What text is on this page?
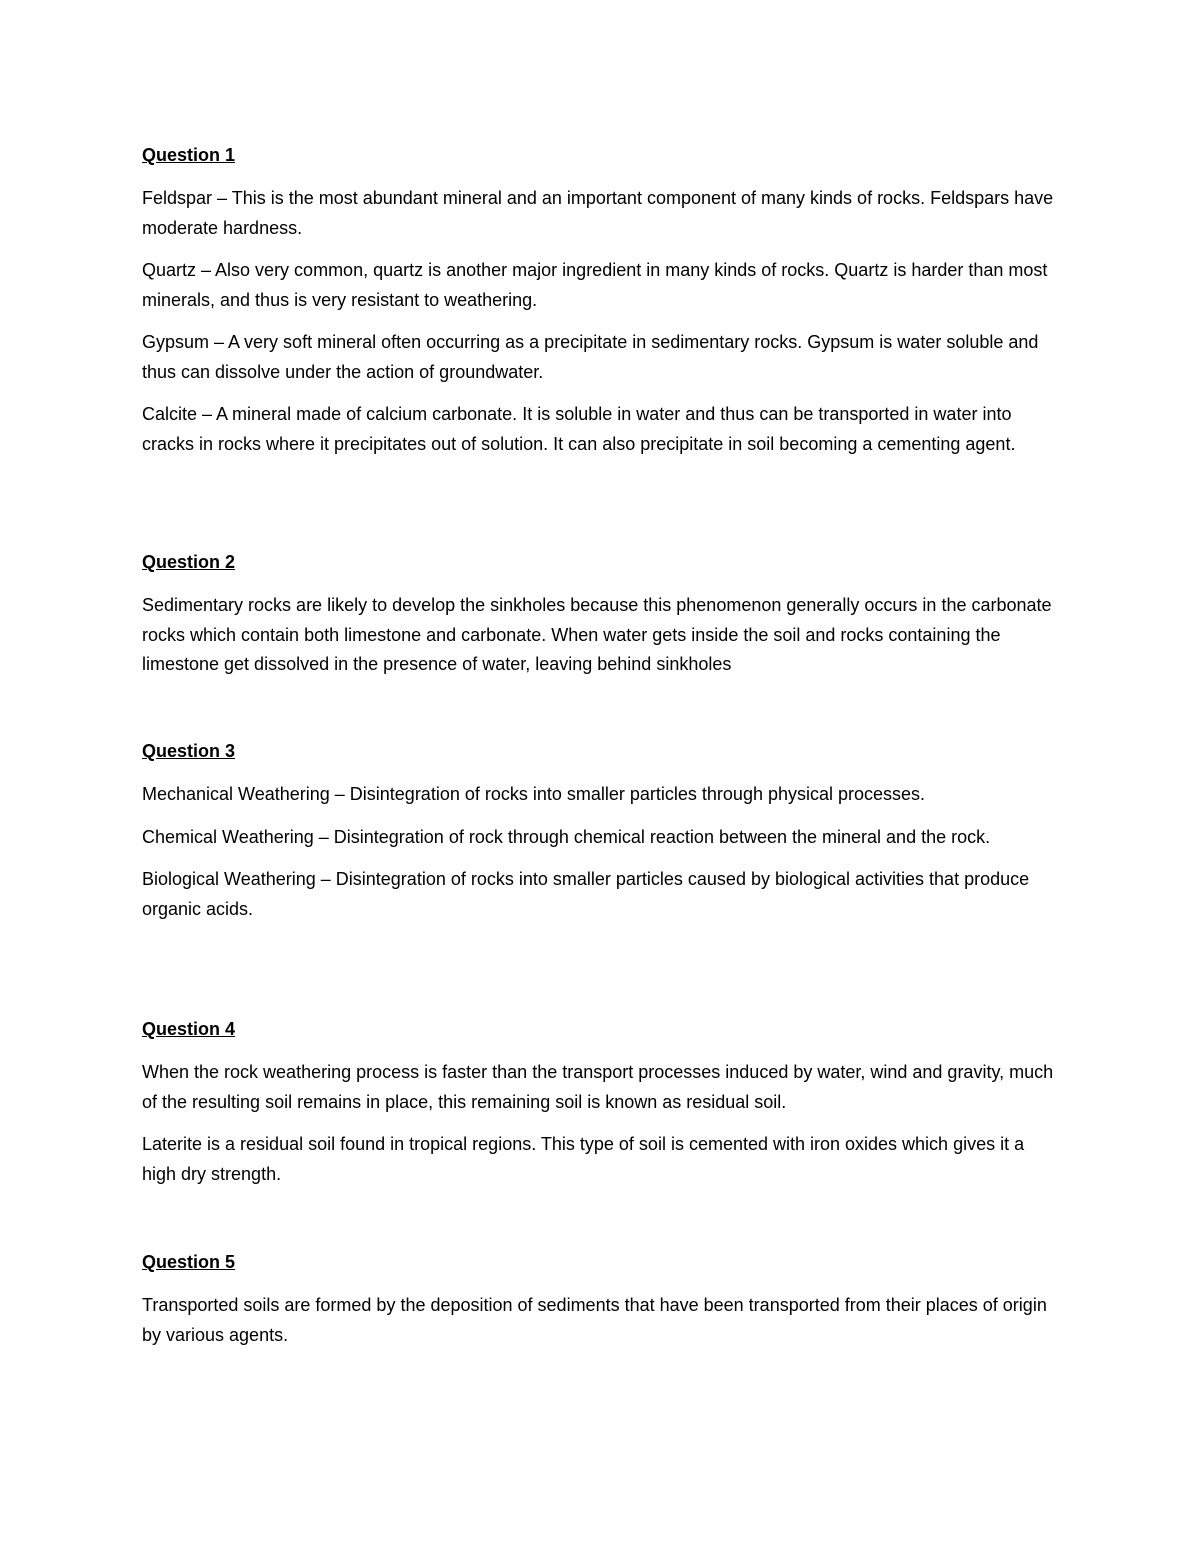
Question 1

Feldspar – This is the most abundant mineral and an important component of many kinds of rocks. Feldspars have moderate hardness.

Quartz – Also very common, quartz is another major ingredient in many kinds of rocks. Quartz is harder than most minerals, and thus is very resistant to weathering.

Gypsum – A very soft mineral often occurring as a precipitate in sedimentary rocks. Gypsum is water soluble and thus can dissolve under the action of groundwater.

Calcite – A mineral made of calcium carbonate. It is soluble in water and thus can be transported in water into cracks in rocks where it precipitates out of solution. It can also precipitate in soil becoming a cementing agent.

Question 2

Sedimentary rocks are likely to develop the sinkholes because this phenomenon generally occurs in the carbonate rocks which contain both limestone and carbonate. When water gets inside the soil and rocks containing the limestone get dissolved in the presence of water, leaving behind sinkholes

Question 3

Mechanical Weathering – Disintegration of rocks into smaller particles through physical processes.

Chemical Weathering – Disintegration of rock through chemical reaction between the mineral and the rock.

Biological Weathering – Disintegration of rocks into smaller particles caused by biological activities that produce organic acids.

Question 4

When the rock weathering process is faster than the transport processes induced by water, wind and gravity, much of the resulting soil remains in place, this remaining soil is known as residual soil.

Laterite is a residual soil found in tropical regions. This type of soil is cemented with iron oxides which gives it a high dry strength.

Question 5

Transported soils are formed by the deposition of sediments that have been transported from their places of origin by various agents.
